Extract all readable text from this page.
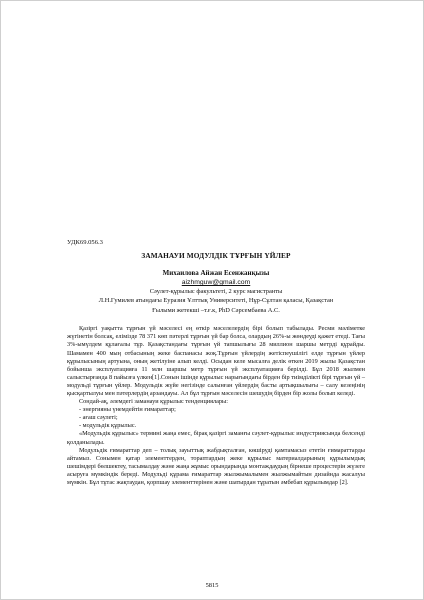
УДК69.056.3
ЗАМАНАУИ МОДУЛДІК ТҰРҒЫН ҮЙЛЕР
Михаилова Айжан Есенжанқызы
aizhmguw@gmail.com
Сәулет-құрылыс факультеті, 2 курс магистранты
Л.Н.Гумилев атындағы Еуразия Ұлттық Университеті, Нұр-Сұлтан қаласы, Қазақстан
Ғылыми жетекші –т.ғ.к, PhD Сәрсембаева А.С.

Қазіргі уақытта тұрғын үй мәселесі ең өткір мәселелердің бірі болып табылады. Ресми мәліметке жүгінетін болсақ, елімізде 78 371 көп пәтерлі тұрғын үй бар болса, олардың 26%-ы жөндеуді қажет етеді. Тағы 3%-ымүлдем құлағалы тұр. Қазақстандағы тұрғын үй тапшылығы 28 миллион шаршы метрді құрайды. Шамамен 400 мың отбасының жеке баспанасы жоқ.Тұрғын үйлердің жетіспеушілігі елде тұрғын үйлер құрылысының артуына, оның жетілуіне алып келді. Осыдан келе мысалға делік өткен 2019 жылы Қазақстан бойынша эксплуатацияға 11 млн шаршы метр тұрғын үй эксплуатацияға берілді. Бұл 2018 жылмен салыстырғанда 8 пайызға үлкен[1].Сонын ішінде құрылыс нарығындағы бірден бір тиімділікті бірі тұрғын үй – модульді тұрғын үйлер. Модульдік жүйе негізінде салынған үйлердің басты артықшылығы – салу кезеңінің қысқартылуы мен пәтерлердің арзандауы. Ал бұл тұрғын мәселесін шешудің бірден бір жолы болып келеді.

Сондай-ақ, әлемдегі заманауи құрылыс тенденциялары:

- энергияны үнемдейтін ғимараттар;

- ағаш сәулеті;

- модульдік құрылыс.

«Модульдік құрылыс» термині жаңа емес, бірақ қазіргі заманғы сәулет-құрылыс индустриясында белсенді қолданылады.

Модульдік ғимараттар деп – толық зауыттық жабдықталған, көшіруді қамтамасыз ететін ғимараттарды айтамыз. Сонымен қатар элементтерден, тораптардың жеке құрылыс материалдарының құрылымдық шешімдері бөлшектеу, тасымалдау және жаңа жұмыс орындарында монтаждаудың бірнеше процестерін жүзеге асыруға мүмкіндік береді. Модульді құрама ғимараттар жылжымалымен жылжымайтын дизайнда жасалуы мүмкін. Бұл тұтас жақтаудан, қорпшау элементтерінен және шатырдан тұратын әмбебап құрылымдар [2].

5815
